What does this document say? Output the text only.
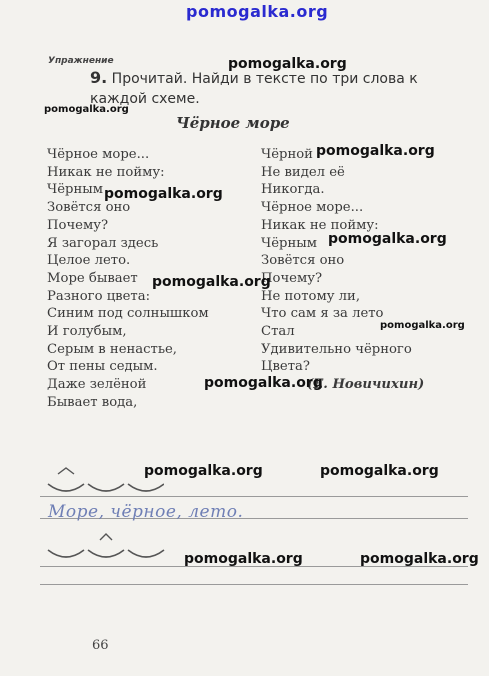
pomogalka.org
Упражнение
9. Прочитай. Найди в тексте по три слова к каждой схеме.
Чёрное море
Чёрное море...
Никак не пойму:
Чёрным
Зовётся оно
Почему?
Я загорал здесь
Целое лето.
Море бывает
Разного цвета:
Синим под солнышком
И голубым,
Серым в ненастье,
От пены седым.
Даже зелёной
Бывает вода,
Чёрной
Не видел её
Никогда.
Чёрное море...
Никак не пойму:
Чёрным
Зовётся оно
Почему?
Не потому ли,
Что сам я за лето
Стал
Удивительно чёрного
Цвета?
(Е. Новичихин)
Море, чёрное, лето.
66
pomogalka.org
pomogalka.org
pomogalka.org
pomogalka.org
pomogalka.org
pomogalka.org
pomogalka.org
pomogalka.org
pomogalka.org	pomogalka.org
pomogalka.org	pomogalka.org
